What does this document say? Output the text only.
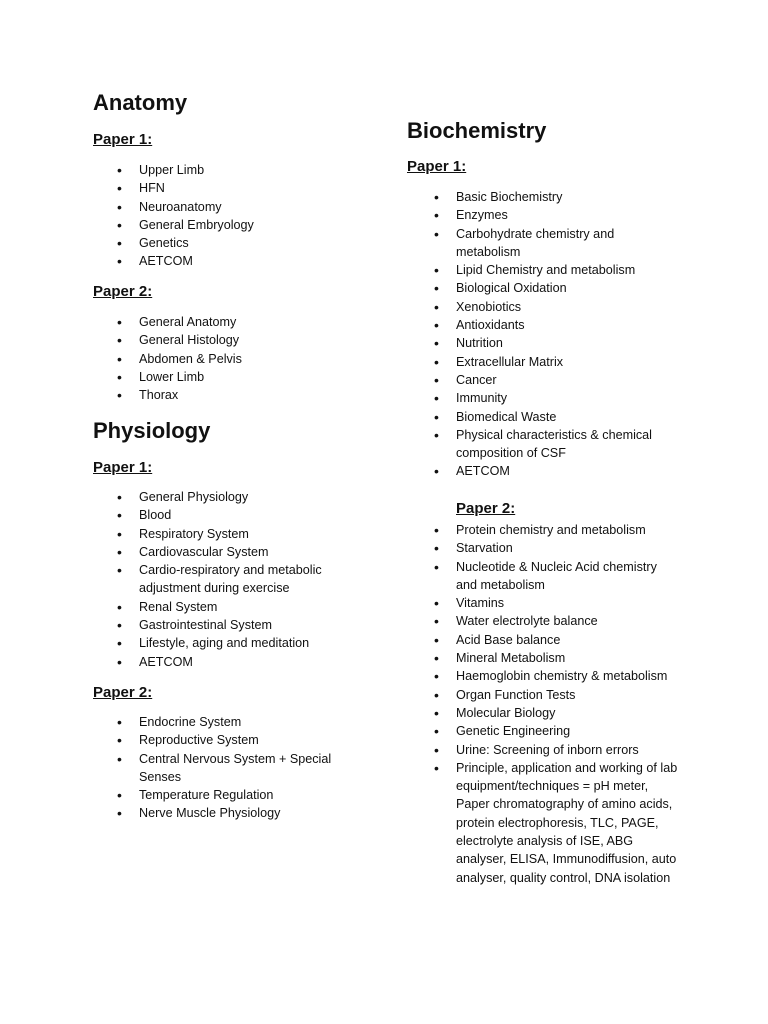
Anatomy
Paper 1:
• Upper Limb
• HFN
• Neuroanatomy
• General Embryology
• Genetics
• AETCOM
Paper 2:
• General Anatomy
• General Histology
• Abdomen & Pelvis
• Lower Limb
• Thorax
Physiology
Paper 1:
• General Physiology
• Blood
• Respiratory System
• Cardiovascular System
• Cardio-respiratory and metabolic adjustment during exercise
• Renal System
• Gastrointestinal System
• Lifestyle, aging and meditation
• AETCOM
Paper 2:
• Endocrine System
• Reproductive System
• Central Nervous System + Special Senses
• Temperature Regulation
• Nerve Muscle Physiology
Biochemistry
Paper 1:
• Basic Biochemistry
• Enzymes
• Carbohydrate chemistry and metabolism
• Lipid Chemistry and metabolism
• Biological Oxidation
• Xenobiotics
• Antioxidants
• Nutrition
• Extracellular Matrix
• Cancer
• Immunity
• Biomedical Waste
• Physical characteristics & chemical composition of CSF
• AETCOM
Paper 2:
• Protein chemistry and metabolism
• Starvation
• Nucleotide & Nucleic Acid chemistry and metabolism
• Vitamins
• Water electrolyte balance
• Acid Base balance
• Mineral Metabolism
• Haemoglobin chemistry & metabolism
• Organ Function Tests
• Molecular Biology
• Genetic Engineering
• Urine: Screening of inborn errors
• Principle, application and working of lab equipment/techniques = pH meter, Paper chromatography of amino acids, protein electrophoresis, TLC, PAGE, electrolyte analysis of ISE, ABG analyser, ELISA, Immunodiffusion, auto analyser, quality control, DNA isolation
